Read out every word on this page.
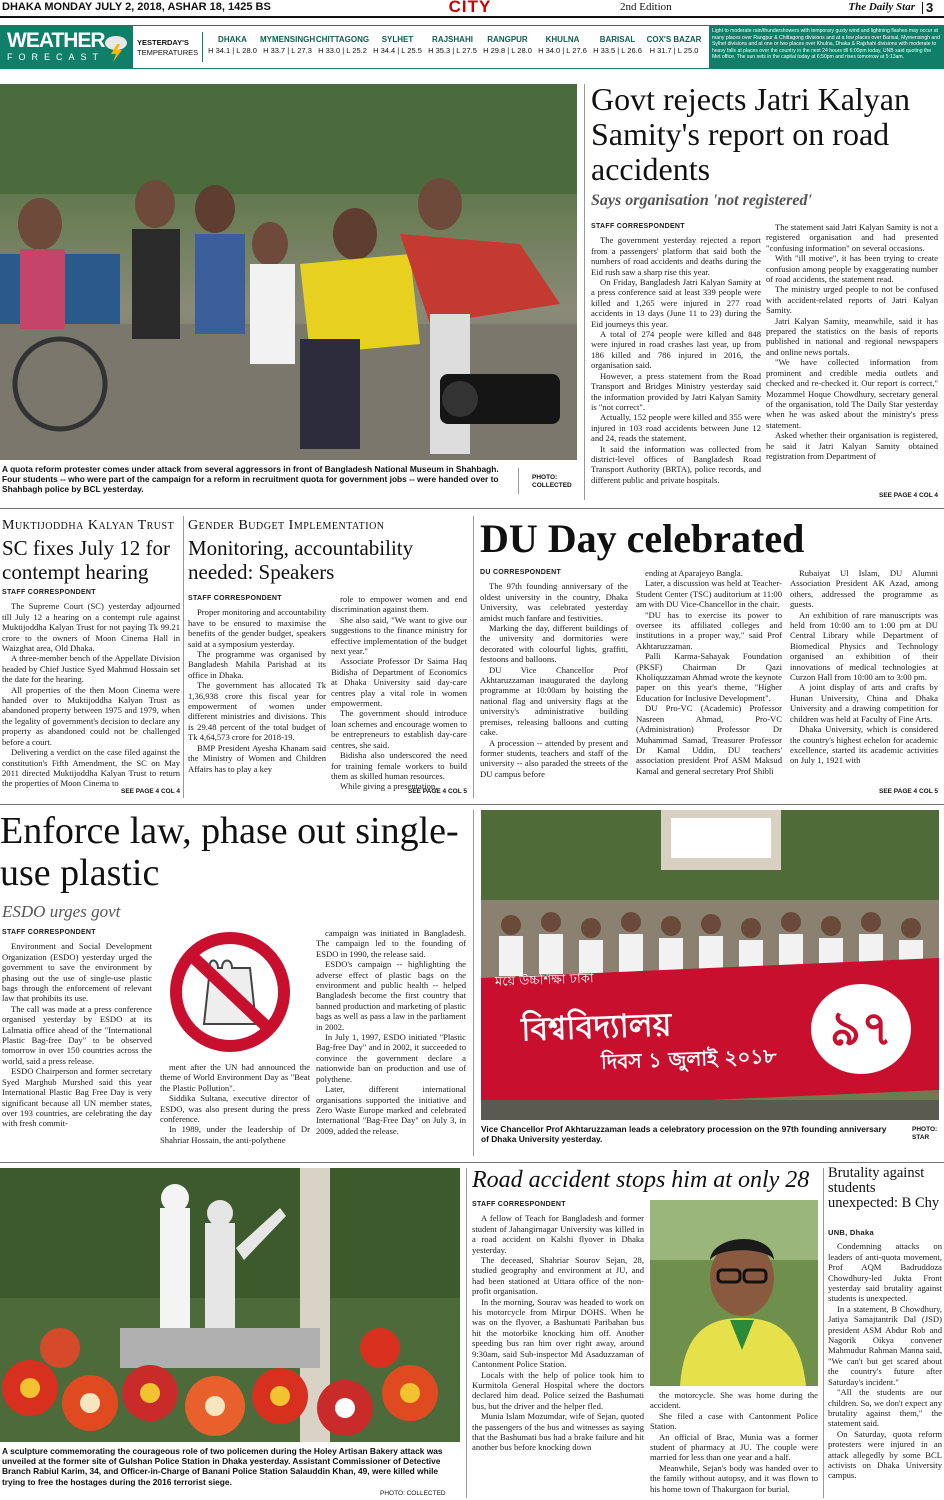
DHAKA MONDAY JULY 2, 2018, ASHAR 18, 1425 BS	CITY	2nd Edition	The Daily Star 3
WEATHER
FORECAST
YESTERDAY'S
TEMPERATURES
DHAKA
H 34.1 | L 28.0
MYMENSINGH
H 33.7 | L 27.3
CHITTAGONG
H 33.0 | L 25.2
SYLHET
H 34.4 | L 25.5
RAJSHAHI
H 35.3 | L 27.5
RANGPUR
H 29.8 | L 28.0
KHULNA
H 34.0 | L 27.6
BARISAL
H 33.5 | L 26.6
COX'S BAZAR
H 31.7 | L 25.0
Light to moderate rain/thundershowers with temporary gusty wind and lightning flashes may occur at many places over Rangpur & Chittagong divisions and at a few places over Barisal, Mymensingh and Sylhet divisions and at one or two places over Khulna, Dhaka & Rajshahi divisions with moderate to heavy falls at places over the country in the next 24 hours till 6:00pm today, UNB said quoting the Met office. The sun sets in the capital today at 6:50pm and rises tomorrow at 5:13am.
A quota reform protester comes under attack from several aggressors in front of Bangladesh National Museum in Shahbagh. Four students -- who were part of the campaign for a reform in recruitment quota for government jobs -- were handed over to Shahbagh police by BCL yesterday.
PHOTO: COLLECTED
Govt rejects Jatri Kalyan Samity's report on road accidents
Says organisation 'not registered'
STAFF CORRESPONDENT

The government yesterday rejected a report from a passengers' platform that said both the numbers of road accidents and deaths during the Eid rush saw a sharp rise this year.

On Friday, Bangladesh Jatri Kalyan Samity at a press conference said at least 339 people were killed and 1,265 were injured in 277 road accidents in 13 days (June 11 to 23) during the Eid journeys this year.

A total of 274 people were killed and 848 were injured in road crashes last year, up from 186 killed and 786 injured in 2016, the organisation said.

However, a press statement from the Road Transport and Bridges Ministry yesterday said the information provided by Jatri Kalyan Samity is "not correct".

Actually, 152 people were killed and 355 were injured in 103 road accidents between June 12 and 24, reads the statement.

It said the information was collected from district-level offices of Bangladesh Road Transport Authority (BRTA), police records, and different public and private hospitals.

The statement said Jatri Kalyan Samity is not a registered organisation and had presented "confusing information" on several occasions.

With "ill motive", it has been trying to create confusion among people by exaggerating number of road accidents, the statement read.

The ministry urged people to not be confused with accident-related reports of Jatri Kalyan Samity.

Jatri Kalyan Samity, meanwhile, said it has prepared the statistics on the basis of reports published in national and regional newspapers and online news portals.

"We have collected information from prominent and credible media outlets and checked and re-checked it. Our report is correct," Mozammel Hoque Chowdhury, secretary general of the organisation, told The Daily Star yesterday when he was asked about the ministry's press statement.

Asked whether their organisation is registered, he said it Jatri Kalyan Samity obtained registration from Department of

SEE PAGE 4 COL 4
Muktijoddha Kalyan Trust
SC fixes July 12 for contempt hearing
STAFF CORRESPONDENT

The Supreme Court (SC) yesterday adjourned till July 12 a hearing on a contempt rule against Muktijoddha Kalyan Trust for not paying Tk 99.21 crore to the owners of Moon Cinema Hall in Waizghat area, Old Dhaka.

A three-member bench of the Appellate Division headed by Chief Justice Syed Mahmud Hossain set the date for the hearing.

All properties of the then Moon Cinema were handed over to Muktijoddha Kalyan Trust as abandoned property between 1975 and 1979, when the legality of government's decision to declare any property as abandoned could not be challenged before a court.

Delivering a verdict on the case filed against the constitution's Fifth Amendment, the SC on May 2011 directed Muktijoddha Kalyan Trust to return the properties of Moon Cinema to

SEE PAGE 4 COL 4
Gender Budget Implementation
Monitoring, accountability needed: Speakers
STAFF CORRESPONDENT

Proper monitoring and accountability have to be ensured to maximise the benefits of the gender budget, speakers said at a symposium yesterday.

The programme was organised by Bangladesh Mahila Parishad at its office in Dhaka.

The government has allocated Tk 1,36,938 crore this fiscal year for empowerment of women under different ministries and divisions. This is 29.48 percent of the total budget of Tk 4,64,573 crore for 2018-19.

BMP President Ayesha Khanam said the Ministry of Women and Children Affairs has to play a key

role to empower women and end discrimination against them.

She also said, "We want to give our suggestions to the finance ministry for effective implementation of the budget next year."

Associate Professor Dr Saima Haq Bidisha of Department of Economics at Dhaka University said day-care centres play a vital role in women empowerment.

The government should introduce loan schemes and encourage women to be entrepreneurs to establish day-care centres, she said.

Bidisha also underscored the need for training female workers to build them as skilled human resources.

While giving a presentation,

SEE PAGE 4 COL 5
DU Day celebrated
DU CORRESPONDENT

The 97th founding anniversary of the oldest university in the country, Dhaka University, was celebrated yesterday amidst much fanfare and festivities.

Marking the day, different buildings of the university and dormitories were decorated with colourful lights, graffiti, festoons and balloons.

DU Vice Chancellor Prof Akhtaruzzaman inaugurated the daylong programme at 10:00am by hoisting the national flag and university flags at the university's administrative building premises, releasing balloons and cutting cake.

A procession -- attended by present and former students, teachers and staff of the university -- also paraded the streets of the DU campus before

ending at Aparajeyo Bangla.

Later, a discussion was held at Teacher-Student Center (TSC) auditorium at 11:00 am with DU Vice-Chancellor in the chair.

"DU has to exercise its power to oversee its affiliated colleges and institutions in a proper way," said Prof Akhtaruzzaman.

Palli Karma-Sahayak Foundation (PKSF) Chairman Dr Qazi Kholiquzzaman Ahmad wrote the keynote paper on this year's theme, "Higher Education for Inclusive Development".

DU Pro-VC (Academic) Professor Nasreen Ahmad, Pro-VC (Administration) Professor Dr Muhammad Samad, Treasurer Professor Dr Kamal Uddin, DU teachers' association president Prof ASM Maksud Kamal and general secretary Prof Shibli

Rubaiyat Ul Islam, DU Alumni Association President AK Azad, among others, addressed the programme as guests.

An exhibition of rare manuscripts was held from 10:00 am to 1:00 pm at DU Central Library while Department of Biomedical Physics and Technology organised an exhibition of their innovations of medical technologies at Curzon Hall from 10:00 am to 3:00 pm.

A joint display of arts and crafts by Hunan University, China and Dhaka University and a drawing competition for children was held at Faculty of Fine Arts.

Dhaka University, which is considered the country's highest echelon for academic excellence, started its academic activities on July 1, 1921 with

SEE PAGE 4 COL 5
Enforce law, phase out single-use plastic
ESDO urges govt
STAFF CORRESPONDENT

Environment and Social Development Organization (ESDO) yesterday urged the government to save the environment by phasing out the use of single-use plastic bags through the enforcement of relevant law that prohibits its use.

The call was made at a press conference organised yesterday by ESDO at its Lalmatia office ahead of the "International Plastic Bag-free Day" to be observed tomorrow in over 150 countries across the world, said a press release.

ESDO Chairperson and former secretary Syed Marghub Murshed said this year International Plastic Bag Free Day is very significant because all UN member states, over 193 countries, are celebrating the day with fresh commit-

ment after the UN had announced the theme of World Environment Day as "Beat the Plastic Pollution".

Siddika Sultana, executive director of ESDO, was also present during the press conference.

In 1989, under the leadership of Dr Shahriar Hossain, the anti-polythene

campaign was initiated in Bangladesh. The campaign led to the founding of ESDO in 1990, the release said.

ESDO's campaign -- highlighting the adverse effect of plastic bags on the environment and public health -- helped Bangladesh become the first country that banned production and marketing of plastic bags as well as pass a law in the parliament in 2002.

In July 1, 1997, ESDO initiated "Plastic Bag-free Day" and in 2002, it succeeded to convince the government declare a nationwide ban on production and use of polythene.

Later, different international organisations supported the initiative and Zero Waste Europe marked and celebrated International "Bag-Free Day" on July 3, in 2009, added the release.

ময়ে উচ্চশিক্ষা ঢাকা
বিশ্ববিদ্যালয়
দিবস ১ জুলাই ২০১৮
৯৭
Vice Chancellor Prof Akhtaruzzaman leads a celebratory procession on the 97th founding anniversary of Dhaka University yesterday.
PHOTO:
STAR
A sculpture commemorating the courageous role of two policemen during the Holey Artisan Bakery attack was unveiled at the former site of Gulshan Police Station in Dhaka yesterday. Assistant Commissioner of Detective Branch Rabiul Karim, 34, and Officer-in-Charge of Banani Police Station Salauddin Khan, 49, were killed while trying to free the hostages during the 2016 terrorist siege.
PHOTO: COLLECTED
Road accident stops him at only 28
STAFF CORRESPONDENT

A fellow of Teach for Bangladesh and former student of Jahangirnagar University was killed in a road accident on Kalshi flyover in Dhaka yesterday.

The deceased, Shahriar Sourov Sejan, 28, studied geography and environment at JU, and had been stationed at Uttara office of the non-profit organisation.

In the morning, Sourav was headed to work on his motorcycle from Mirpur DOHS. When he was on the flyover, a Bashumati Paribahan bus hit the motorbike knocking him off. Another speeding bus ran him over right away, around 9:30am, said Sub-inspector Md Asaduzzaman of Cantonment Police Station.

Locals with the help of police took him to Kurmitola General Hospital where the doctors declared him dead. Police seized the Bashumati bus, but the driver and the helper fled.

Munia Islam Mozumdar, wife of Sejan, quoted the passengers of the bus and witnesses as saying that the Bashumati bus had a brake failure and hit another bus before knocking down

the motorcycle. She was home during the accident.

She filed a case with Cantonment Police Station.

An official of Brac, Munia was a former student of pharmacy at JU. The couple were married for less than one year and a half.

Meanwhile, Sejan's body was handed over to the family without autopsy, and it was flown to his home town of Thakurgaon for burial.

Brutality against students unexpected: B Chy
UNB, Dhaka

Condemning attacks on leaders of anti-quota movement, Prof AQM Badruddoza Chowdhury-led Jukta Front yesterday said brutality against students is unexpected.

In a statement, B Chowdhury, Jatiya Samajtantrik Dal (JSD) president ASM Abdur Rob and Nagorik Oikya convener Mahmudur Rahman Manna said, "We can't but get scared about the country's future after Saturday's incident."

"All the students are our children. So, we don't expect any brutality against them," the statement said.

On Saturday, quota reform protesters were injured in an attack allegedly by some BCL activists on Dhaka University campus.
